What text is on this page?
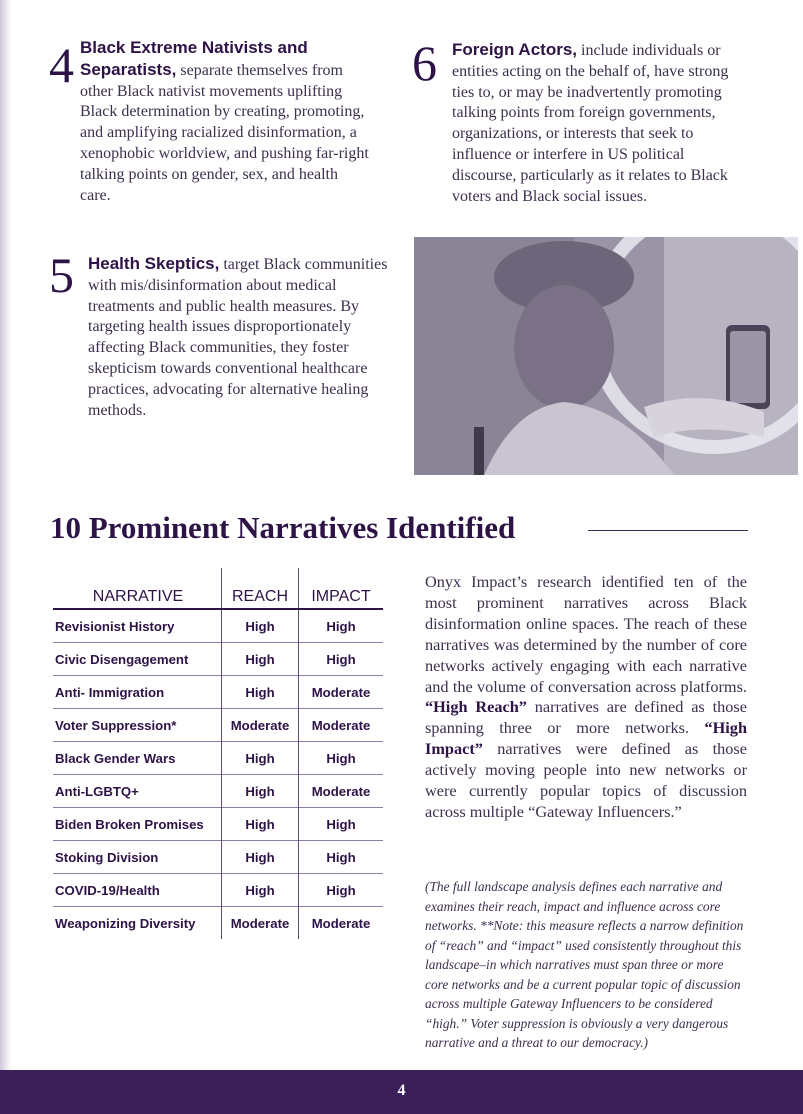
4 Black Extreme Nativists and Separatists, separate themselves from other Black nativist movements uplifting Black determination by creating, promoting, and amplifying racialized disinformation, a xenophobic worldview, and pushing far-right talking points on gender, sex, and health care.
5 Health Skeptics, target Black communities with mis/disinformation about medical treatments and public health measures. By targeting health issues disproportionately affecting Black communities, they foster skepticism towards conventional healthcare practices, advocating for alternative healing methods.
6 Foreign Actors, include individuals or entities acting on the behalf of, have strong ties to, or may be inadvertently promoting talking points from foreign governments, organizations, or interests that seek to influence or interfere in US political discourse, particularly as it relates to Black voters and Black social issues.
10 Prominent Narratives Identified
NARRATIVE	REACH	IMPACT
Revisionist History	High	High
Civic Disengagement	High	High
Anti- Immigration	High	Moderate
Voter Suppression*	Moderate	Moderate
Black Gender Wars	High	High
Anti-LGBTQ+	High	Moderate
Biden Broken Promises	High	High
Stoking Division	High	High
COVID-19/Health	High	High
Weaponizing Diversity	Moderate	Moderate
Onyx Impact’s research identified ten of the most prominent narratives across Black disinformation online spaces. The reach of these narratives was determined by the number of core networks actively engaging with each narrative and the volume of conversation across platforms. “High Reach” narratives are defined as those spanning three or more networks. “High Impact” narratives were defined as those actively moving people into new networks or were currently popular topics of discussion across multiple “Gateway Influencers.”
(The full landscape analysis defines each narrative and examines their reach, impact and influence across core networks. **Note: this measure reflects a narrow definition of “reach” and “impact” used consistently throughout this landscape–in which narratives must span three or more core networks and be a current popular topic of discussion across multiple Gateway Influencers to be considered “high.” Voter suppression is obviously a very dangerous narrative and a threat to our democracy.)
4
